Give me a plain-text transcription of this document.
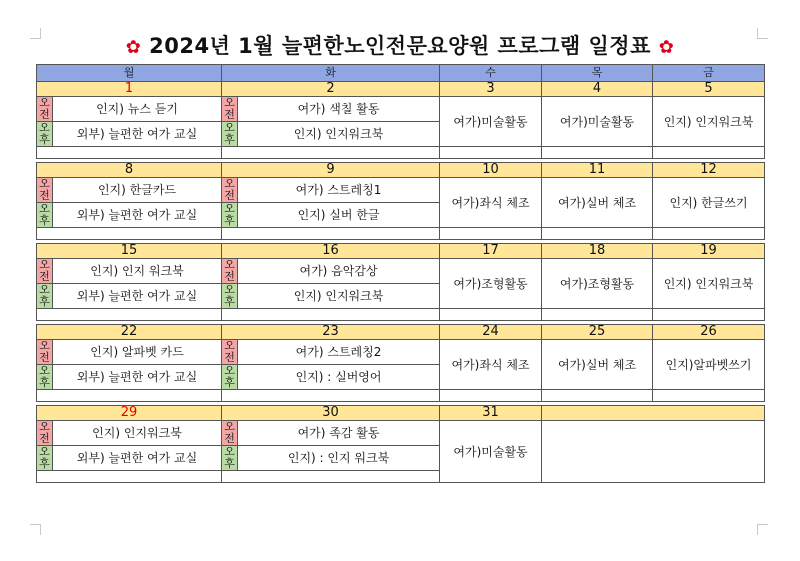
✿ 2024년 1월 늘편한노인전문요양원 프로그램 일정표 ✿
월		화		수	목	금
1		2		3	4	5
오전	인지) 뉴스 듣기	오전	여가) 색칠 활동	여가)미술활동	여가)미술활동	인지) 인지워크북
오후	외부) 늘편한 여가 교실	오후	인지) 인지워크북			

8		9		10	11	12
오전	인지) 한글카드	오전	여가) 스트레칭1	여가)좌식 체조	여가)실버 체조	인지) 한글쓰기
오후	외부) 늘편한 여가 교실	오후	인지) 실버 한글			

15		16		17	18	19
오전	인지) 인지 워크북	오전	여가) 음악감상	여가)조형활동	여가)조형활동	인지) 인지워크북
오후	외부) 늘편한 여가 교실	오후	인지) 인지워크북			

22		23		24	25	26
오전	인지) 알파벳 카드	오전	여가) 스트레칭2	여가)좌식 체조	여가)실버 체조	인지)알파벳쓰기
오후	외부) 늘편한 여가 교실	오후	인지) : 실버영어			

29		30		31		
오전	인지) 인지워크북	오전	여가) 족감 활동	여가)미술활동		
오후	외부) 늘편한 여가 교실	오후	인지) : 인지 워크북			
